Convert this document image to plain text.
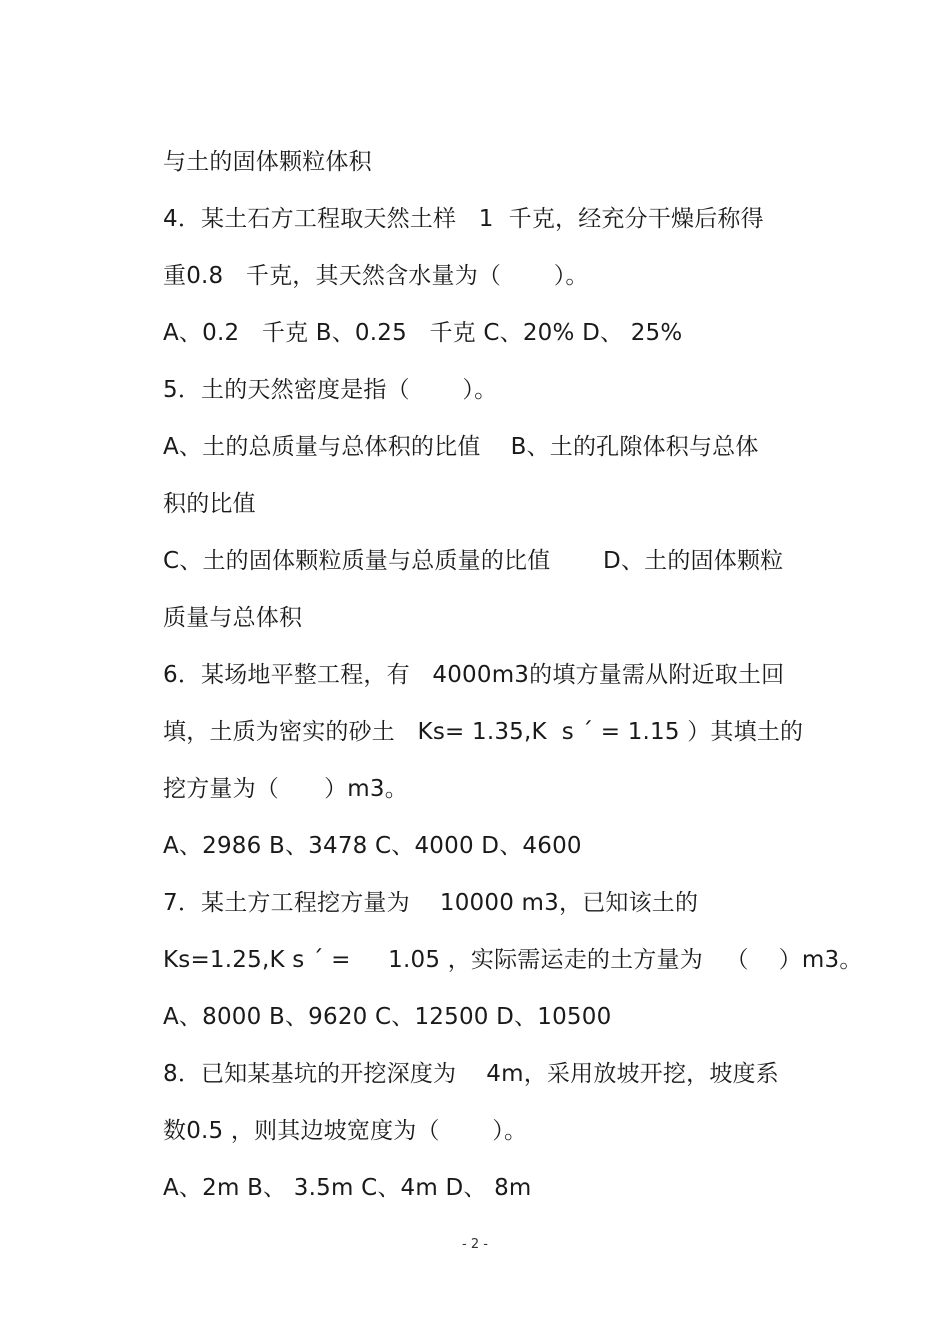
与土的固体颗粒体积
4．某土石方工程取天然土样   1  千克，经充分干燥后称得
重0.8   千克，其天然含水量为（       ）。
A、0.2   千克 B、0.25   千克 C、20% D、 25%
5．土的天然密度是指（       ）。
A、土的总质量与总体积的比值    B、土的孔隙体积与总体
积的比值
C、土的固体颗粒质量与总质量的比值       D、土的固体颗粒
质量与总体积
6．某场地平整工程，有   4000m3的填方量需从附近取土回
填，土质为密实的砂土   Ks= 1.35,K  s ˊ = 1.15 ）其填土的
挖方量为（      ）m3。
A、2986 B、3478 C、4000 D、4600
7．某土方工程挖方量为    10000 m3，已知该土的
Ks=1.25,K s ˊ =     1.05 ，实际需运走的土方量为   （    ）m3。
A、8000 B、9620 C、12500 D、10500
8．已知某基坑的开挖深度为    4m，采用放坡开挖，坡度系
数0.5 ，则其边坡宽度为（       ）。
A、2m B、 3.5m C、4m D、 8m
- 2 -
